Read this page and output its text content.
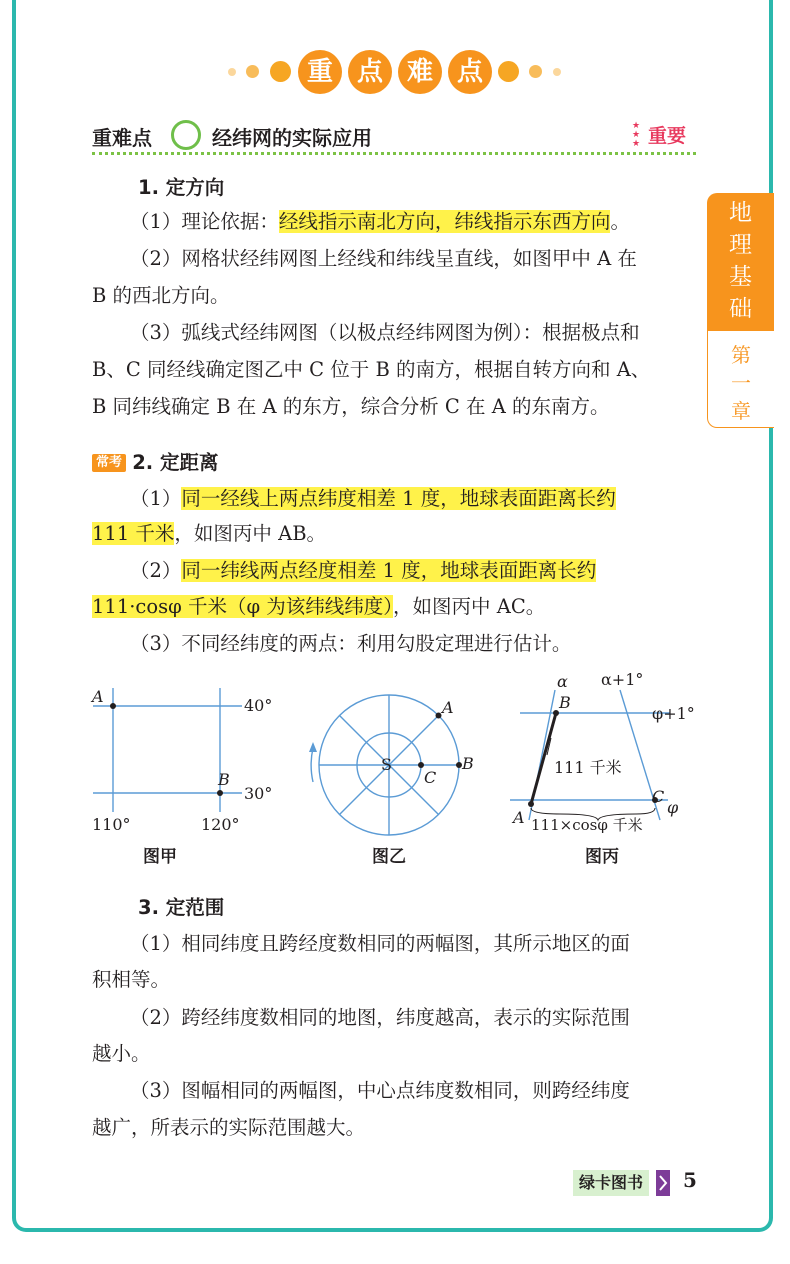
重 点 难 点
重难点	经纬网的实际应用	★
★
★ 重要
地
理
基
础
第
一
章
1. 定方向
（1）理论依据：经线指示南北方向，纬线指示东西方向。
（2）网格状经纬网图上经线和纬线呈直线，如图甲中 A 在
B 的西北方向。
（3）弧线式经纬网图（以极点经纬网图为例）：根据极点和
B、C 同经线确定图乙中 C 位于 B 的南方，根据自转方向和 A、
B 同纬线确定 B 在 A 的东方，综合分析 C 在 A 的东南方。
常考 2. 定距离
（1）同一经线上两点纬度相差 1 度，地球表面距离长约
111 千米，如图丙中 AB。
（2）同一纬线两点经度相差 1 度，地球表面距离长约
111·cosφ 千米（φ 为该纬线纬度），如图丙中 AC。
（3）不同经纬度的两点：利用勾股定理进行估计。
A	40°
B
30°
110°	120°
图甲
S
A
B
C
图乙
α α+1°
B
φ+1°
111 千米
A
C
φ
111×cosφ 千米
图丙
3. 定范围
（1）相同纬度且跨经度数相同的两幅图，其所示地区的面
积相等。
（2）跨经纬度数相同的地图，纬度越高，表示的实际范围
越小。
（3）图幅相同的两幅图，中心点纬度数相同，则跨经纬度
越广，所表示的实际范围越大。
绿卡图书	5
